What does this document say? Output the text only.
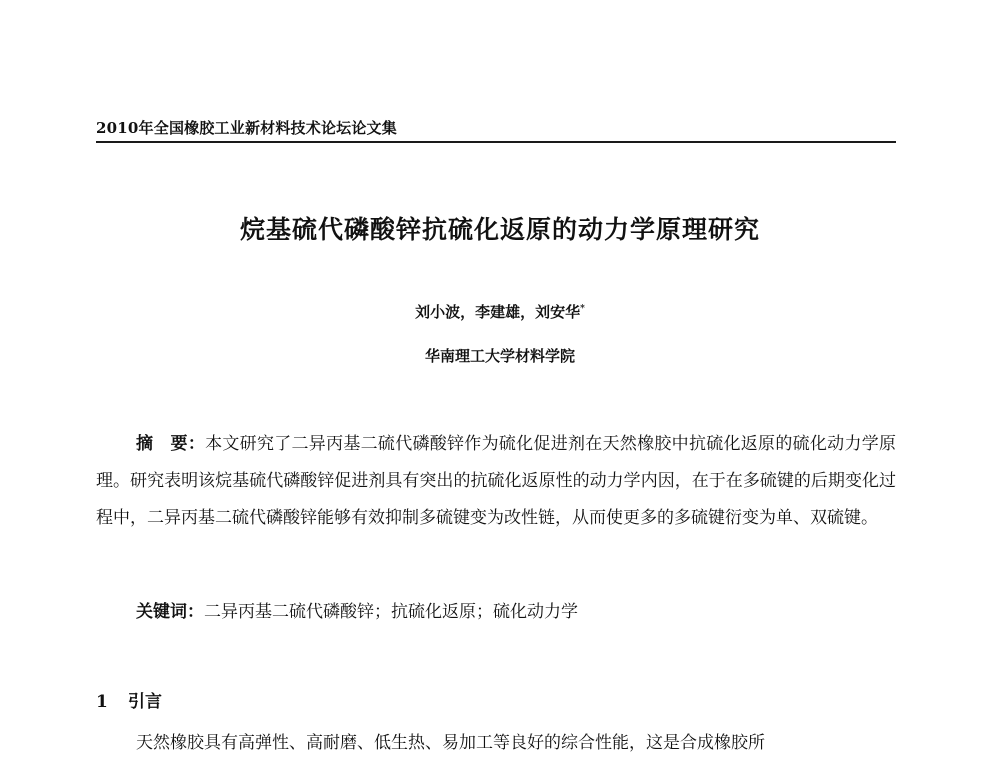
2010年全国橡胶工业新材料技术论坛论文集
烷基硫代磷酸锌抗硫化返原的动力学原理研究
刘小波，李建雄，刘安华*
华南理工大学材料学院
摘　要：本文研究了二异丙基二硫代磷酸锌作为硫化促进剂在天然橡胶中抗硫化返原的硫化动力学原理。研究表明该烷基硫代磷酸锌促进剂具有突出的抗硫化返原性的动力学内因，在于在多硫键的后期变化过程中，二异丙基二硫代磷酸锌能够有效抑制多硫键变为改性链，从而使更多的多硫键衍变为单、双硫键。
关键词：二异丙基二硫代磷酸锌；抗硫化返原；硫化动力学
1 引言
天然橡胶具有高弹性、高耐磨、低生热、易加工等良好的综合性能，这是合成橡胶所
